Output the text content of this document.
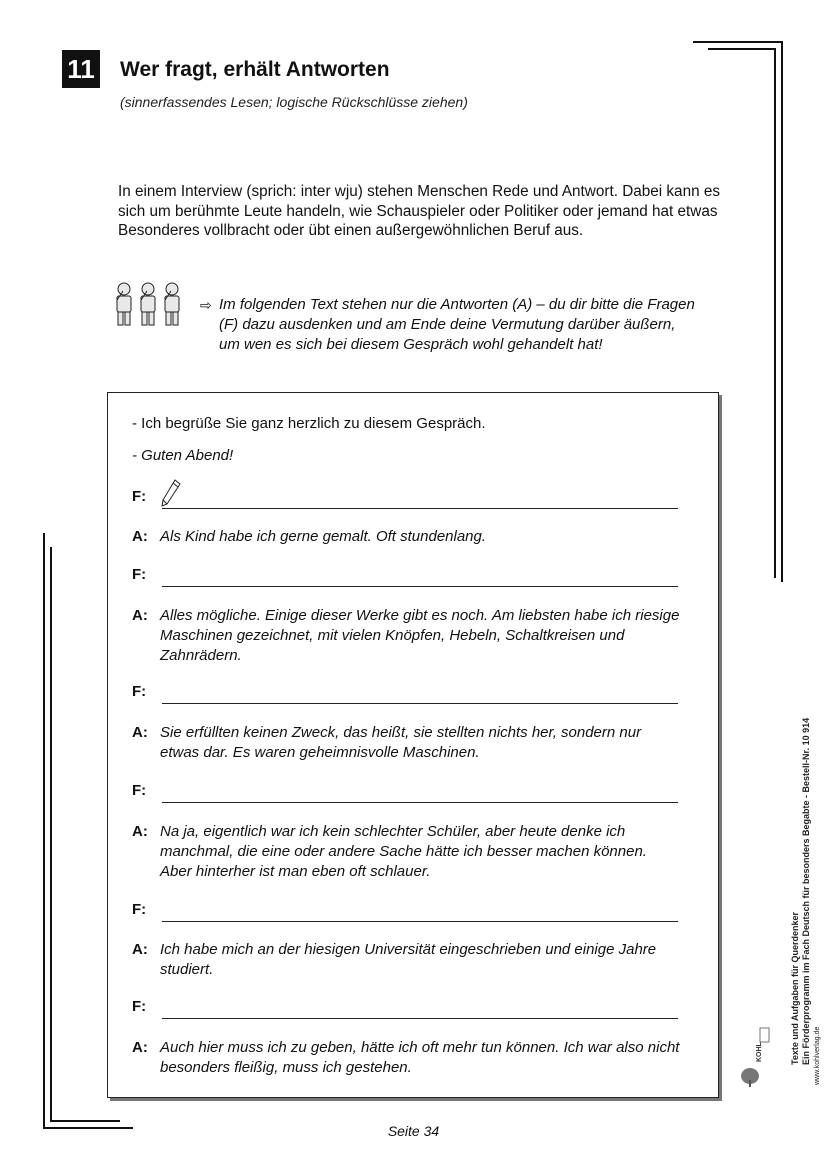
11 Wer fragt, erhält Antworten
(sinnerfassendes Lesen; logische Rückschlüsse ziehen)
In einem Interview (sprich: inter wju) stehen Menschen Rede und Antwort. Dabei kann es sich um berühmte Leute handeln, wie Schauspieler oder Politiker oder jemand hat etwas Besonderes vollbracht oder übt einen außergewöhnlichen Beruf aus.
⇨ Im folgenden Text stehen nur die Antworten (A) – du dir bitte die Fragen (F) dazu ausdenken und am Ende deine Vermutung darüber äußern, um wen es sich bei diesem Gespräch wohl gehandelt hat!
- Ich begrüße Sie ganz herzlich zu diesem Gespräch.
- Guten Abend!
F:
A: Als Kind habe ich gerne gemalt. Oft stundenlang.
F:
A: Alles mögliche. Einige dieser Werke gibt es noch. Am liebsten habe ich riesige Maschinen gezeichnet, mit vielen Knöpfen, Hebeln, Schaltkreisen und Zahnrädern.
F:
A: Sie erfüllten keinen Zweck, das heißt, sie stellten nichts her, sondern nur etwas dar. Es waren geheimnisvolle Maschinen.
F:
A: Na ja, eigentlich war ich kein schlechter Schüler, aber heute denke ich manchmal, die eine oder andere Sache hätte ich besser machen können. Aber hinterher ist man eben oft schlauer.
F:
A: Ich habe mich an der hiesigen Universität eingeschrieben und einige Jahre studiert.
F:
A: Auch hier muss ich zu geben, hätte ich oft mehr tun können. Ich war also nicht besonders fleißig, muss ich gestehen.
Seite 34
Texte und Aufgaben für Querdenker Ein Förderprogramm im Fach Deutsch für besonders Begabte - Bestell-Nr. 10 914 www.kohlverlag.de
KOHL
